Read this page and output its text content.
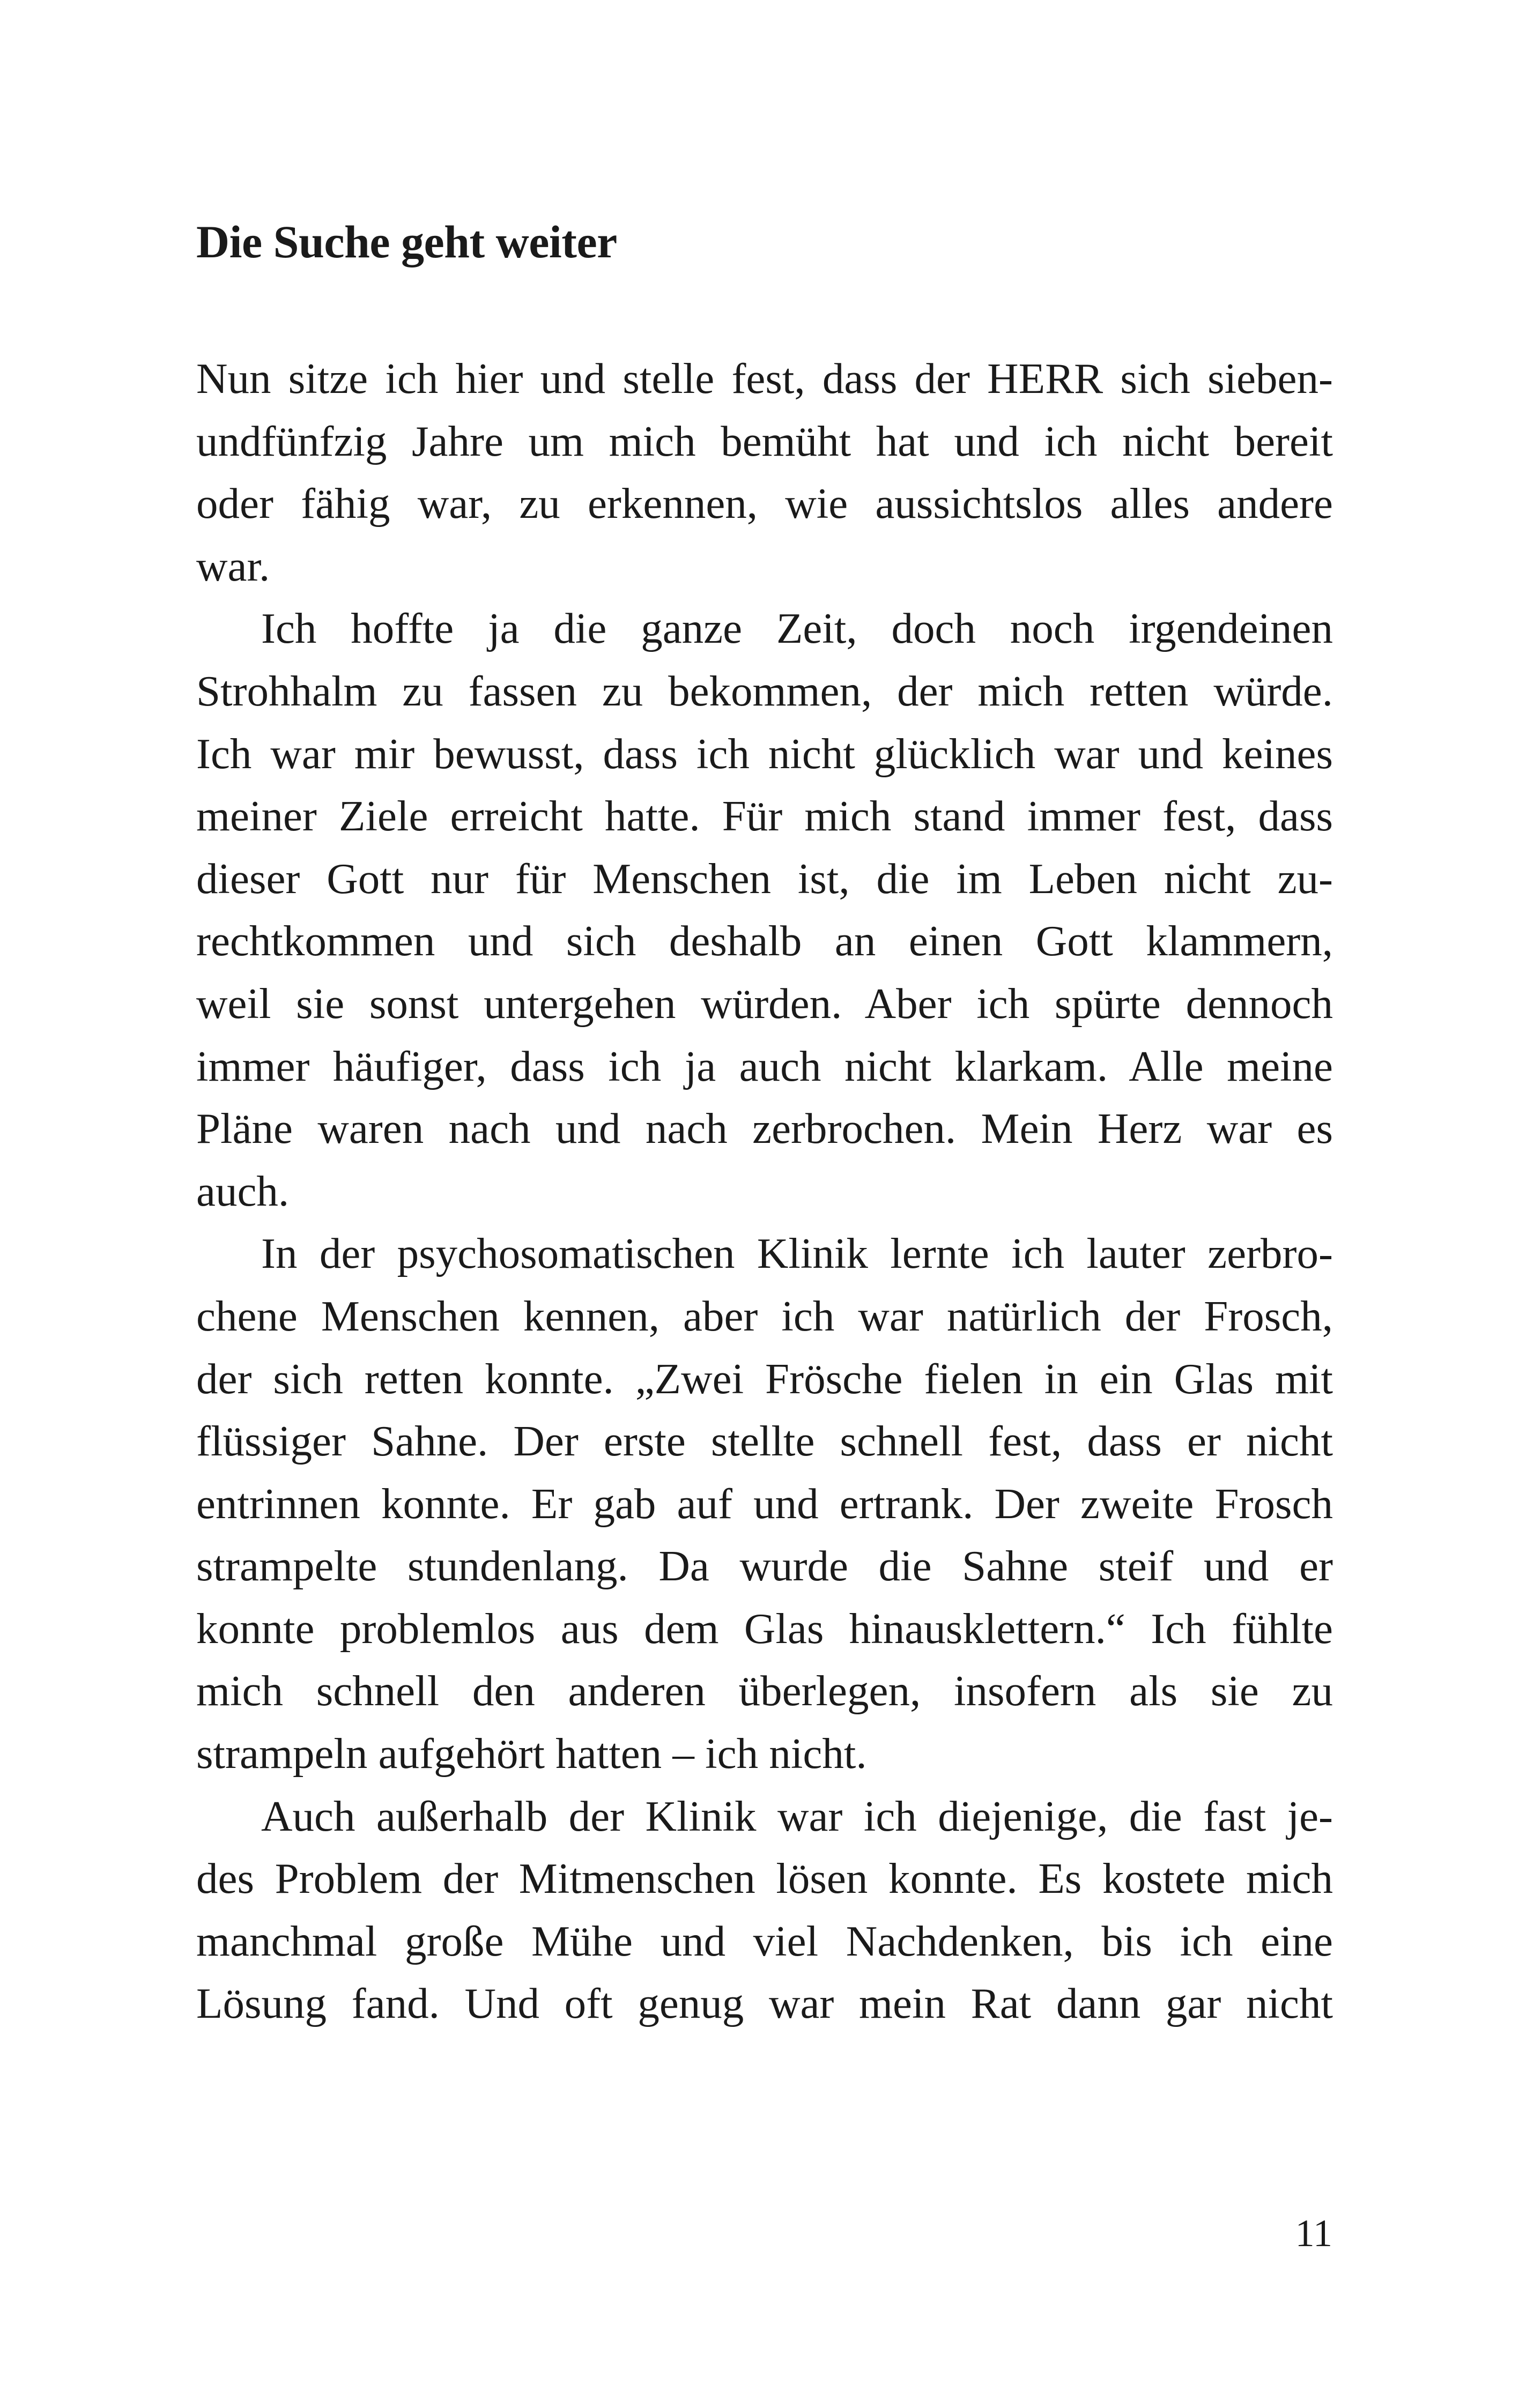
Die Suche geht weiter
Nun sitze ich hier und stelle fest, dass der HERR sich sieben-
undfünfzig Jahre um mich bemüht hat und ich nicht bereit
oder fähig war, zu erkennen, wie aussichtslos alles andere
war.
Ich hoffte ja die ganze Zeit, doch noch irgendeinen
Strohhalm zu fassen zu bekommen, der mich retten würde.
Ich war mir bewusst, dass ich nicht glücklich war und keines
meiner Ziele erreicht hatte. Für mich stand immer fest, dass
dieser Gott nur für Menschen ist, die im Leben nicht zu-
rechtkommen und sich deshalb an einen Gott klammern,
weil sie sonst untergehen würden. Aber ich spürte dennoch
immer häufiger, dass ich ja auch nicht klarkam. Alle meine
Pläne waren nach und nach zerbrochen. Mein Herz war es
auch.
In der psychosomatischen Klinik lernte ich lauter zerbro-
chene Menschen kennen, aber ich war natürlich der Frosch,
der sich retten konnte. „Zwei Frösche fielen in ein Glas mit
flüssiger Sahne. Der erste stellte schnell fest, dass er nicht
entrinnen konnte. Er gab auf und ertrank. Der zweite Frosch
strampelte stundenlang. Da wurde die Sahne steif und er
konnte problemlos aus dem Glas hinausklettern.“ Ich fühlte
mich schnell den anderen überlegen, insofern als sie zu
strampeln aufgehört hatten – ich nicht.
Auch außerhalb der Klinik war ich diejenige, die fast je-
des Problem der Mitmenschen lösen konnte. Es kostete mich
manchmal große Mühe und viel Nachdenken, bis ich eine
Lösung fand. Und oft genug war mein Rat dann gar nicht

11
